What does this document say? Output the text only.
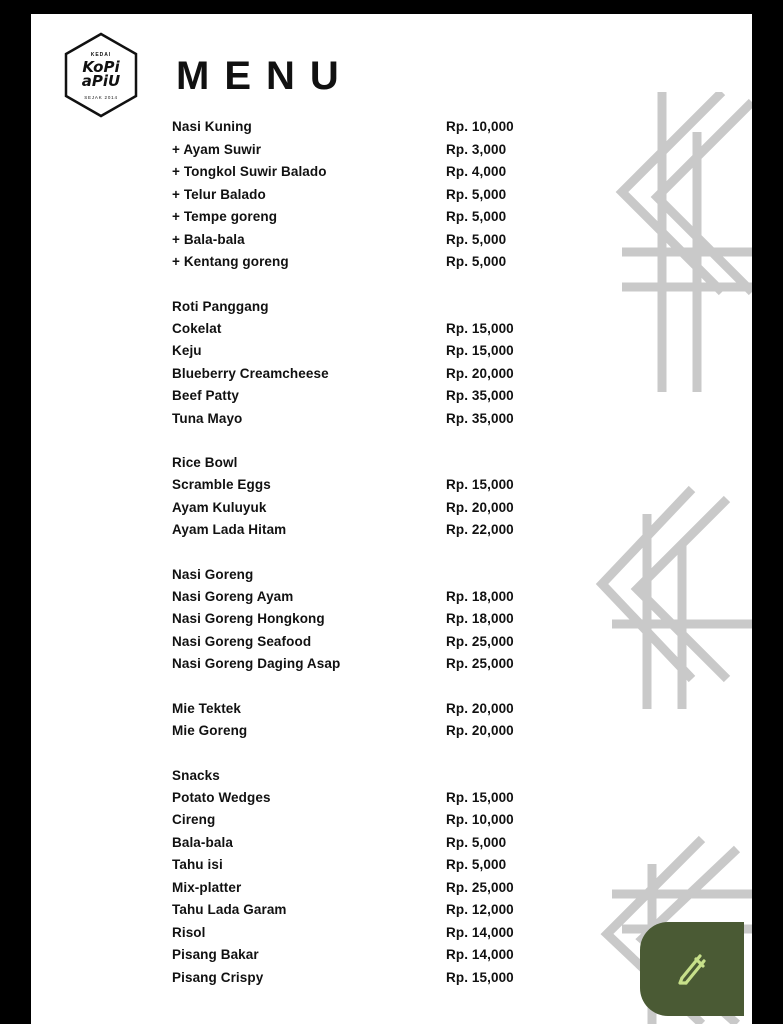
KEDAI
KoPi aPiU
SEJAK 2014	MENU
Nasi Kuning	Rp. 10,000
+ Ayam Suwir	Rp. 3,000
+ Tongkol Suwir Balado	Rp. 4,000
+ Telur Balado	Rp. 5,000
+ Tempe goreng	Rp. 5,000
+ Bala-bala	Rp. 5,000
+ Kentang goreng	Rp. 5,000
Roti Panggang
Cokelat	Rp. 15,000
Keju	Rp. 15,000
Blueberry Creamcheese	Rp. 20,000
Beef Patty	Rp. 35,000
Tuna Mayo	Rp. 35,000
Rice Bowl
Scramble Eggs	Rp. 15,000
Ayam Kuluyuk	Rp. 20,000
Ayam Lada Hitam	Rp. 22,000
Nasi Goreng
Nasi Goreng Ayam	Rp. 18,000
Nasi Goreng Hongkong	Rp. 18,000
Nasi Goreng Seafood	Rp. 25,000
Nasi Goreng Daging Asap	Rp. 25,000
Mie Tektek	Rp. 20,000
Mie Goreng	Rp. 20,000
Snacks
Potato Wedges	Rp. 15,000
Cireng	Rp. 10,000
Bala-bala	Rp. 5,000
Tahu isi	Rp. 5,000
Mix-platter	Rp. 25,000
Tahu Lada Garam	Rp. 12,000
Risol	Rp. 14,000
Pisang Bakar	Rp. 14,000
Pisang Crispy	Rp. 15,000
